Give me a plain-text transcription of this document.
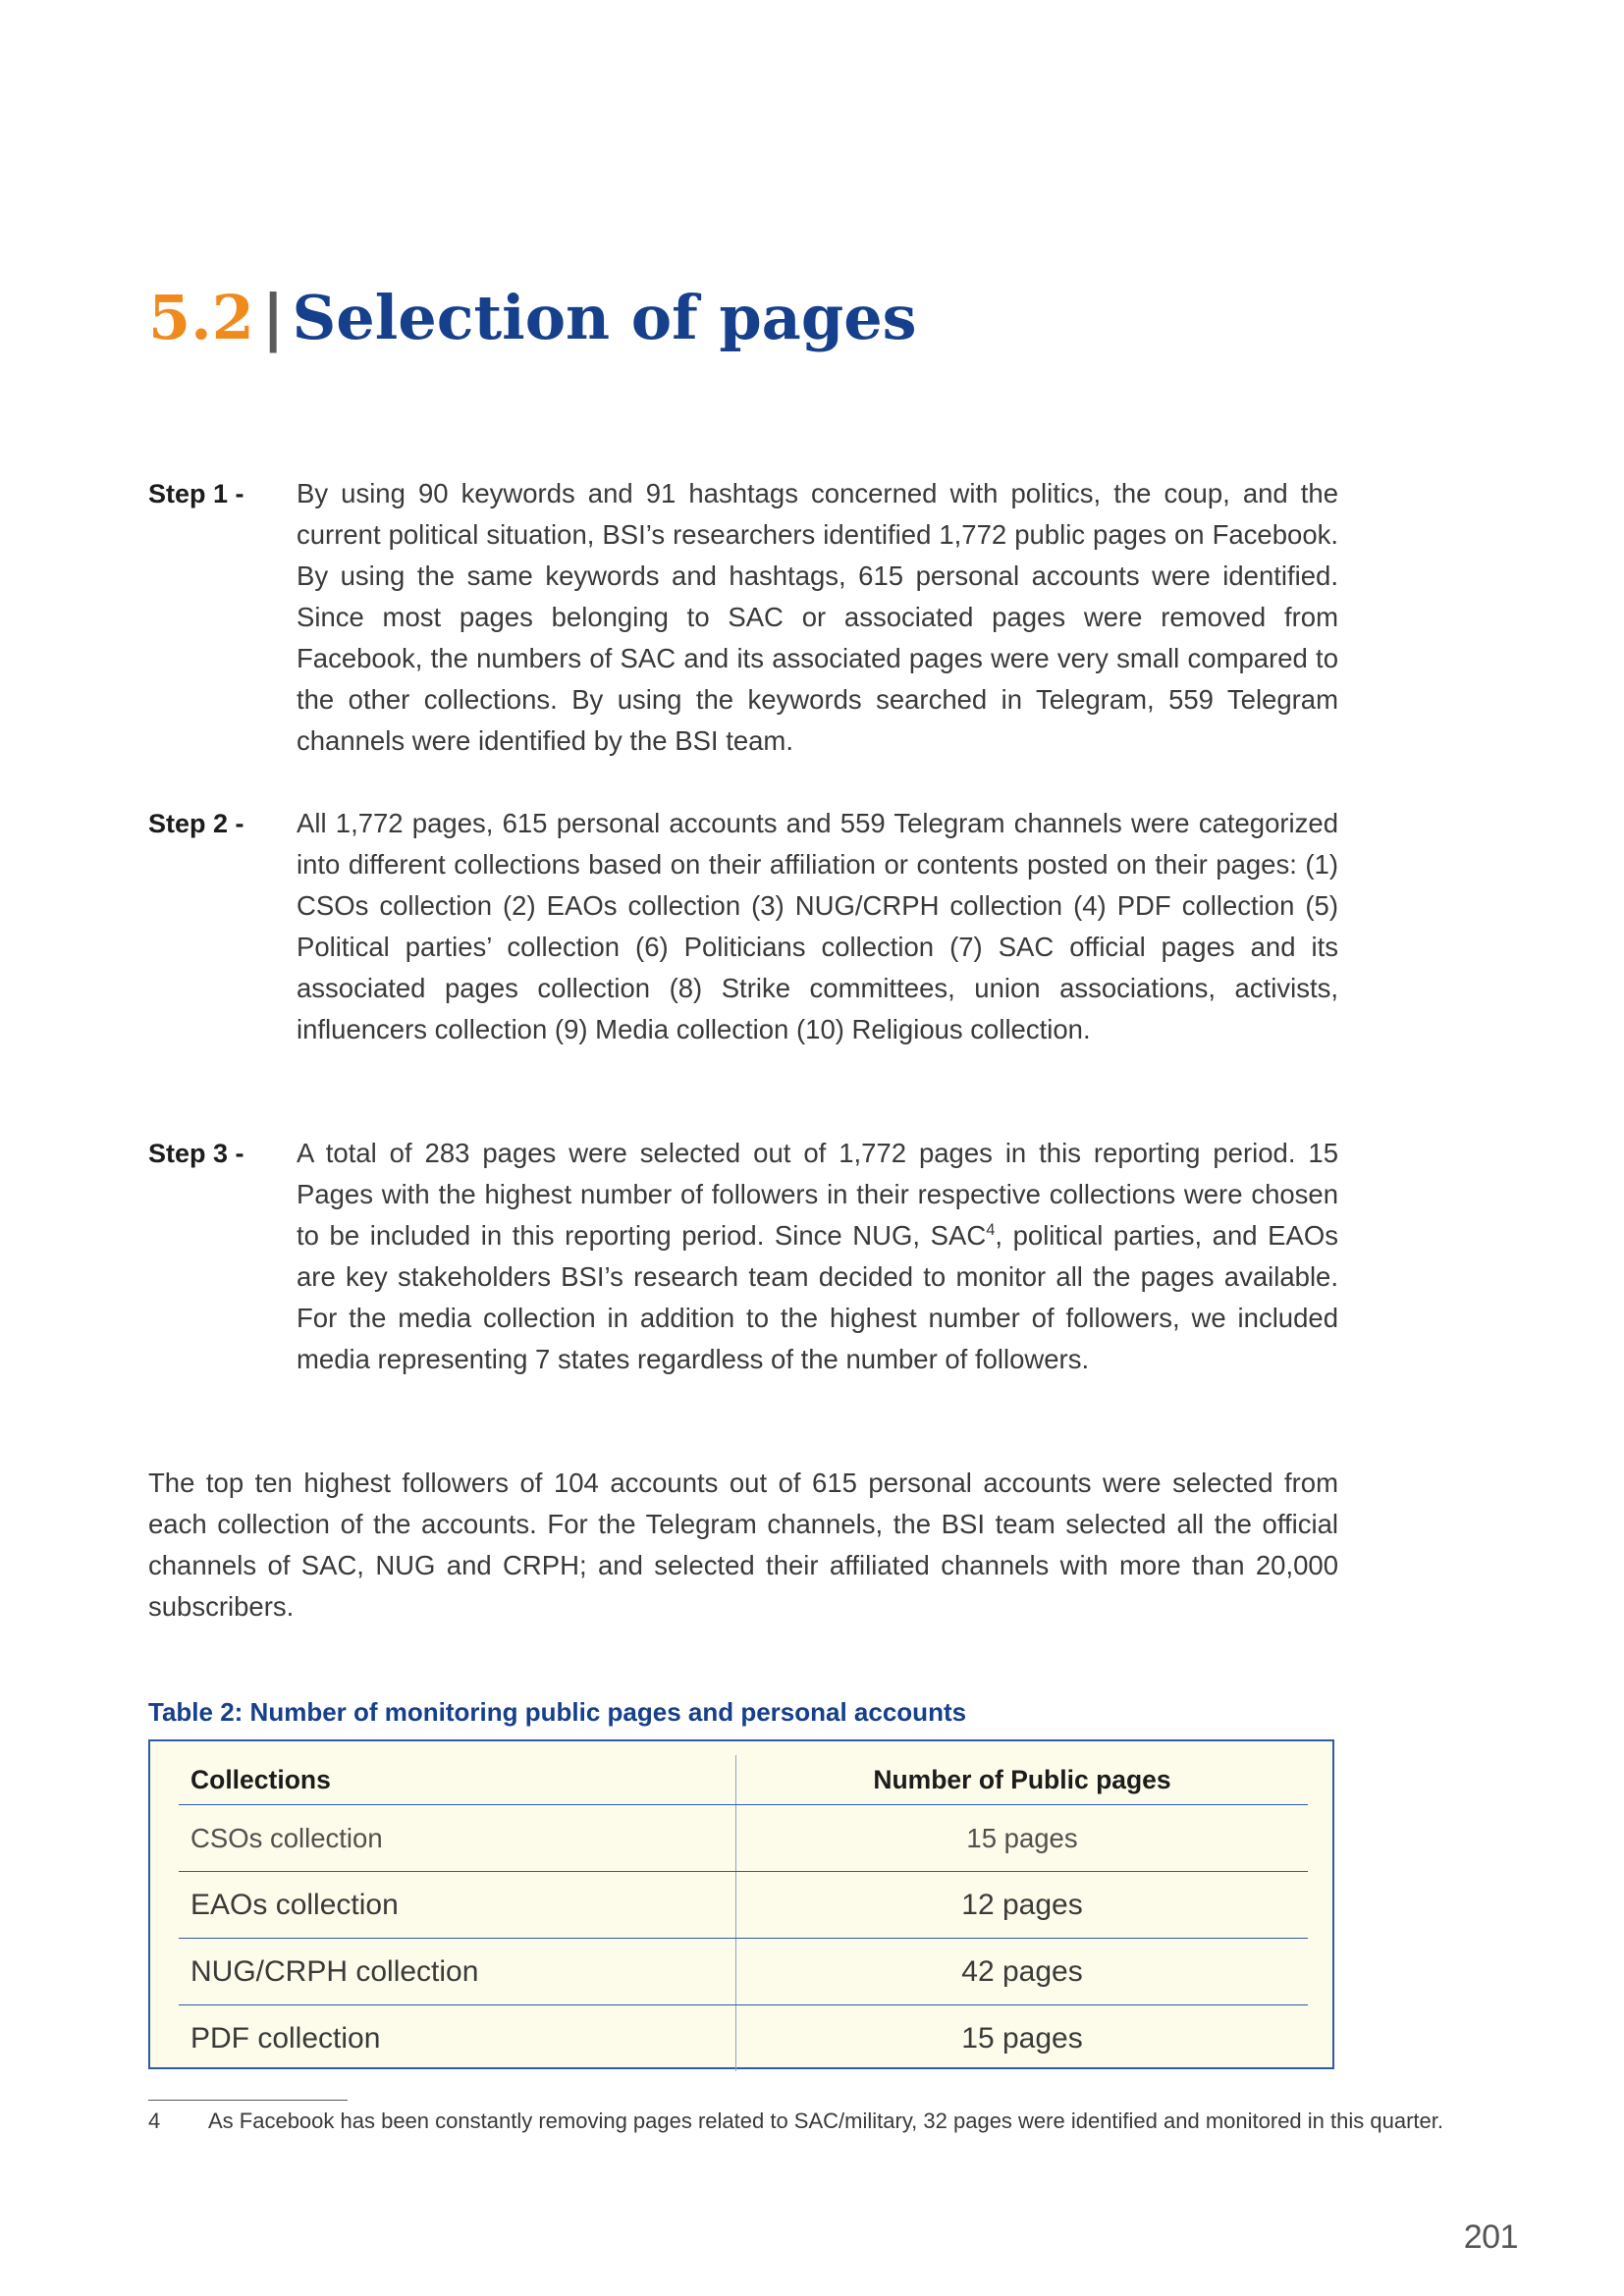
5.2 | Selection of pages
Step 1 - By using 90 keywords and 91 hashtags concerned with politics, the coup, and the current political situation, BSI’s researchers identified 1,772 public pages on Facebook. By using the same keywords and hashtags, 615 personal accounts were identified. Since most pages belonging to SAC or associated pages were removed from Facebook, the numbers of SAC and its associated pages were very small compared to the other collections. By using the keywords searched in Telegram, 559 Telegram channels were identified by the BSI team.
Step 2 - All 1,772 pages, 615 personal accounts and 559 Telegram channels were categorized into different collections based on their affiliation or contents posted on their pages: (1) CSOs collection (2) EAOs collection (3) NUG/CRPH collection (4) PDF collection (5) Political parties’ collection (6) Politicians collection (7) SAC official pages and its associated pages collection (8) Strike committees, union associations, activists, influencers collection (9) Media collection (10) Religious collection.
Step 3 - A total of 283 pages were selected out of 1,772 pages in this reporting period. 15 Pages with the highest number of followers in their respective collections were chosen to be included in this reporting period. Since NUG, SAC$^4$, political parties, and EAOs are key stakeholders BSI’s research team decided to monitor all the pages available. For the media collection in addition to the highest number of followers, we included media representing 7 states regardless of the number of followers.
The top ten highest followers of 104 accounts out of 615 personal accounts were selected from each collection of the accounts. For the Telegram channels, the BSI team selected all the official channels of SAC, NUG and CRPH; and selected their affiliated channels with more than 20,000 subscribers.
Table 2: Number of monitoring public pages and personal accounts
Collections	Number of Public pages
CSOs collection	15 pages
EAOs collection	12 pages
NUG/CRPH collection	42 pages
PDF collection	15 pages
4 As Facebook has been constantly removing pages related to SAC/military, 32 pages were identified and monitored in this quarter.
201
